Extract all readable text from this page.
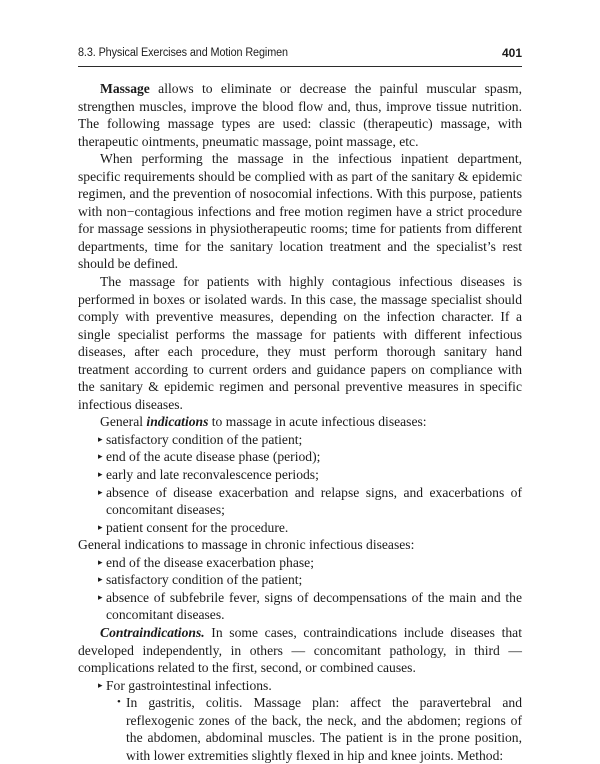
8.3. Physical Exercises and Motion Regimen	401

Massage allows to eliminate or decrease the painful muscular spasm, strengthen muscles, improve the blood flow and, thus, improve tissue nutrition. The following massage types are used: classic (therapeutic) massage, with therapeutic ointments, pneumatic massage, point massage, etc.

When performing the massage in the infectious inpatient department, specific requirements should be complied with as part of the sanitary & epidemic regimen, and the prevention of nosocomial infections. With this purpose, patients with non−contagious infections and free motion regimen have a strict procedure for massage sessions in physiotherapeutic rooms; time for patients from different departments, time for the sanitary location treatment and the specialist’s rest should be defined.

The massage for patients with highly contagious infectious diseases is performed in boxes or isolated wards. In this case, the massage specialist should comply with preventive measures, depending on the infection character. If a single specialist performs the massage for patients with different infectious diseases, after each procedure, they must perform thorough sanitary hand treatment according to current orders and guidance papers on compliance with the sanitary & epidemic regimen and personal preventive measures in specific infectious diseases.

General indications to massage in acute infectious diseases:

▸ satisfactory condition of the patient;
▸ end of the acute disease phase (period);
▸ early and late reconvalescence periods;
▸ absence of disease exacerbation and relapse signs, and exacerbations of concomitant diseases;
▸ patient consent for the procedure.

General indications to massage in chronic infectious diseases:

▸ end of the disease exacerbation phase;
▸ satisfactory condition of the patient;
▸ absence of subfebrile fever, signs of decompensations of the main and the concomitant diseases.

Contraindications. In some cases, contraindications include diseases that developed independently, in others — concomitant pathology, in third — complications related to the first, second, or combined causes.

▸ For gastrointestinal infections.
• In gastritis, colitis. Massage plan: affect the paravertebral and reflexogenic zones of the back, the neck, and the abdomen; regions of the abdomen, abdominal muscles. The patient is in the prone position, with lower extremities slightly flexed in hip and knee joints. Method:
